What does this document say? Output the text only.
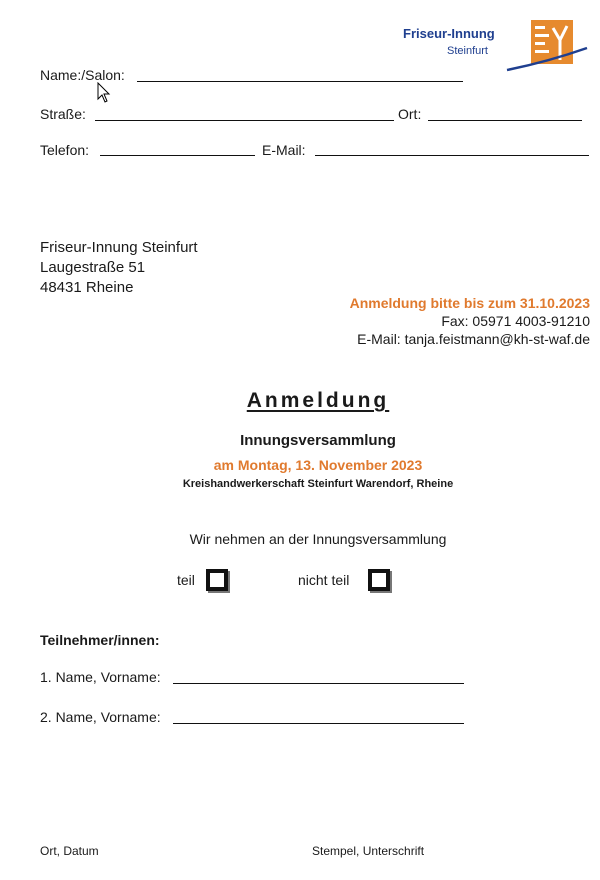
Friseur-Innung
Steinfurt
Name:/Salon:
Straße:	Ort:
Telefon:	E-Mail:
Friseur-Innung Steinfurt
Laugestraße 51
48431 Rheine
Anmeldung bitte bis zum 31.10.2023
Fax: 05971 4003-91210
E-Mail: tanja.feistmann@kh-st-waf.de
Anmeldung
Innungsversammlung
am Montag, 13. November 2023
Kreishandwerkerschaft Steinfurt Warendorf, Rheine
Wir nehmen an der Innungsversammlung
teil	nicht teil
Teilnehmer/innen:
1. Name, Vorname:
2. Name, Vorname:
Ort, Datum	Stempel, Unterschrift
